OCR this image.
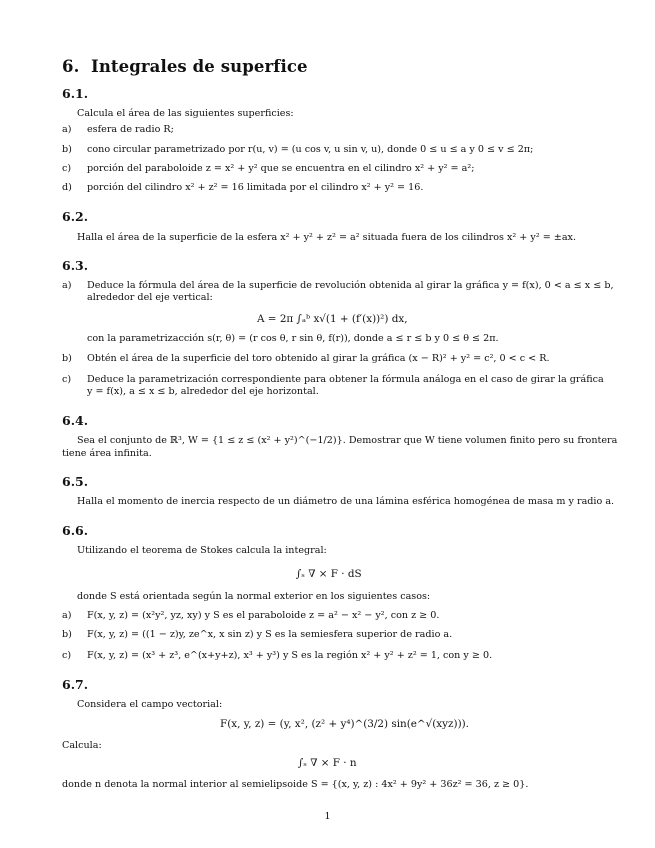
6. Integrales de superfice
6.1.

Calcula el área de las siguientes superficies:

a) esfera de radio R;
b) cono circular parametrizado por r(u, v) = (u cos v, u sin v, u), donde 0 ≤ u ≤ a y 0 ≤ v ≤ 2π;
c) porción del paraboloide z = x² + y² que se encuentra en el cilindro x² + y² = a²;
d) porción del cilindro x² + z² = 16 limitada por el cilindro x² + y² = 16.
6.2.

Halla el área de la superficie de la esfera x² + y² + z² = a² situada fuera de los cilindros x² + y² = ±ax.

6.3.
a) Deduce la fórmula del área de la superficie de revolución obtenida al girar la gráfica y = f(x), 0 < a ≤ x ≤ b,

alrededor del eje vertical:

A = 2π ∫ₐᵇ x√(1 + (f′(x))²) dx,

con la parametrizacción s(r, θ) = (r cos θ, r sin θ, f(r)), donde a ≤ r ≤ b y 0 ≤ θ ≤ 2π.

b) Obtén el área de la superficie del toro obtenido al girar la gráfica (x − R)² + y² = c², 0 < c < R.
c) Deduce la parametrización correspondiente para obtener la fórmula análoga en el caso de girar la gráfica

y = f(x), a ≤ x ≤ b, alrededor del eje horizontal.

6.4.

Sea el conjunto de ℝ³, W = {1 ≤ z ≤ (x² + y²)^(−1/2)}. Demostrar que W tiene volumen finito pero su frontera

tiene área infinita.

6.5.

Halla el momento de inercia respecto de un diámetro de una lámina esférica homogénea de masa m y radio a.

6.6.

Utilizando el teorema de Stokes calcula la integral:

∫ₛ ∇ × F · dS

donde S está orientada según la normal exterior en los siguientes casos:

a) F(x, y, z) = (x²y², yz, xy) y S es el paraboloide z = a² − x² − y², con z ≥ 0.
b) F(x, y, z) = ((1 − z)y, ze^x, x sin z) y S es la semiesfera superior de radio a.
c) F(x, y, z) = (x³ + z³, e^(x+y+z), x³ + y³) y S es la región x² + y² + z² = 1, con y ≥ 0.
6.7.

Considera el campo vectorial:

F(x, y, z) = (y, x², (z² + y⁴)^(3/2) sin(e^√(xyz))).

Calcula:

∫ₛ ∇ × F · n

donde n denota la normal interior al semielipsoide S = {(x, y, z) : 4x² + 9y² + 36z² = 36, z ≥ 0}.

1
